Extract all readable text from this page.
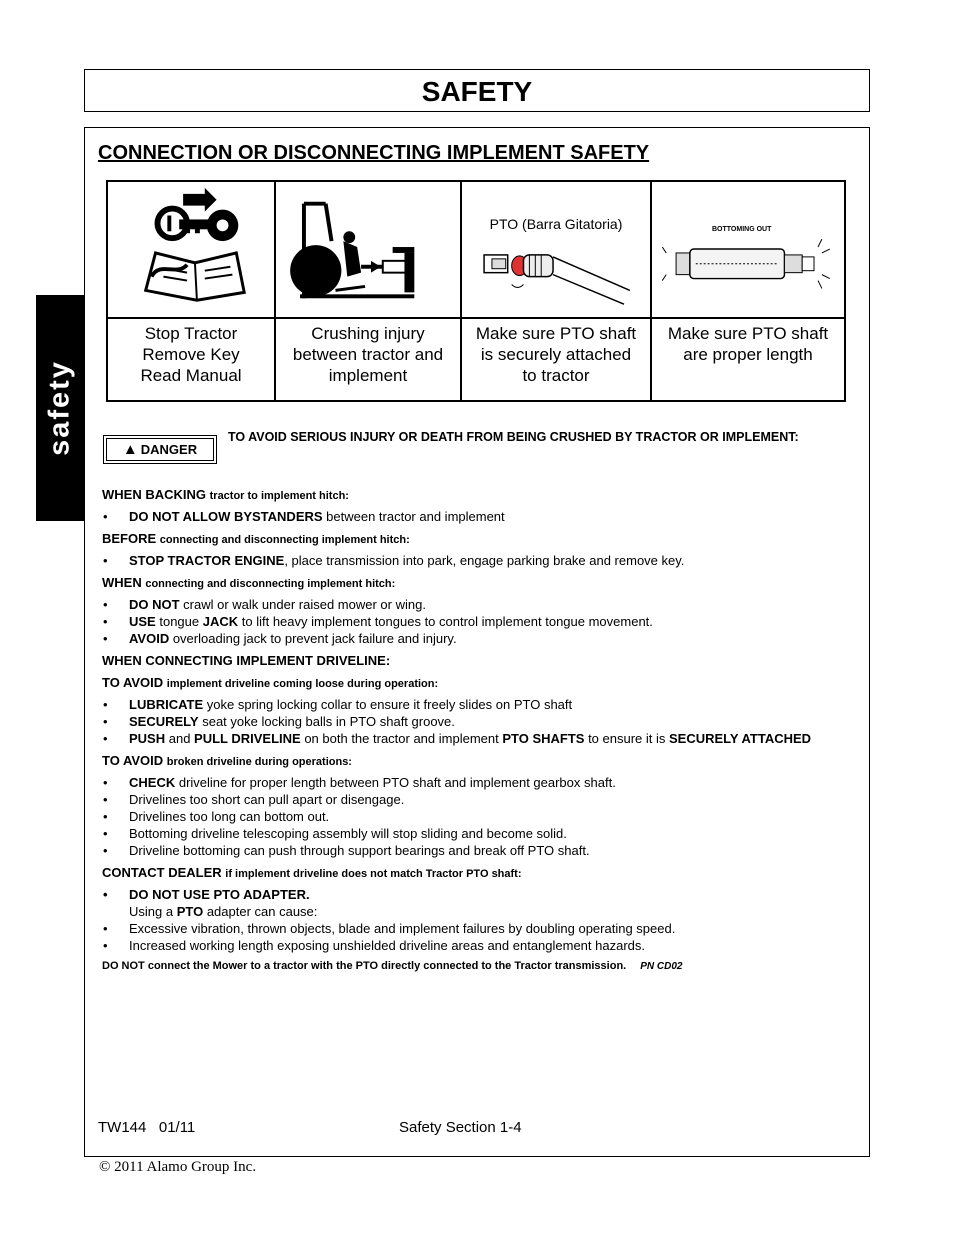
SAFETY
safety
CONNECTION OR DISCONNECTING IMPLEMENT SAFETY
PTO (Barra Gitatoria)	BOTTOMING OUT
Stop Tractor
Remove Key
Read Manual
Crushing injury
between tractor and
implement
Make sure PTO shaft
is securely attached
to tractor
Make sure PTO shaft
are proper length
▲ DANGER
TO AVOID SERIOUS INJURY OR DEATH FROM BEING CRUSHED BY TRACTOR OR IMPLEMENT:
WHEN BACKING tractor to implement hitch:
• DO NOT ALLOW BYSTANDERS between tractor and implement
BEFORE connecting and disconnecting implement hitch:
• STOP TRACTOR ENGINE, place transmission into park, engage parking brake and remove key.
WHEN connecting and disconnecting implement hitch:
• DO NOT crawl or walk under raised mower or wing.
• USE tongue JACK to lift heavy implement tongues to control implement tongue movement.
• AVOID overloading jack to prevent jack failure and injury.
WHEN CONNECTING IMPLEMENT DRIVELINE:
TO AVOID implement driveline coming loose during operation:
• LUBRICATE yoke spring locking collar to ensure it freely slides on PTO shaft
• SECURELY seat yoke locking balls in PTO shaft groove.
• PUSH and PULL DRIVELINE on both the tractor and implement PTO SHAFTS to ensure it is SECURELY ATTACHED
TO AVOID broken driveline during operations:
• CHECK driveline for proper length between PTO shaft and implement gearbox shaft.
• Drivelines too short can pull apart or disengage.
• Drivelines too long can bottom out.
• Bottoming driveline telescoping assembly will stop sliding and become solid.
• Driveline bottoming can push through support bearings and break off PTO shaft.
CONTACT DEALER if implement driveline does not match Tractor PTO shaft:
• DO NOT USE PTO ADAPTER.
Using a PTO adapter can cause:
• Excessive vibration, thrown objects, blade and implement failures by doubling operating speed.
• Increased working length exposing unshielded driveline areas and entanglement hazards.
DO NOT connect the Mower to a tractor with the PTO directly connected to the Tractor transmission. PN CD02
TW144   01/11	Safety Section 1-4
© 2011 Alamo Group Inc.
